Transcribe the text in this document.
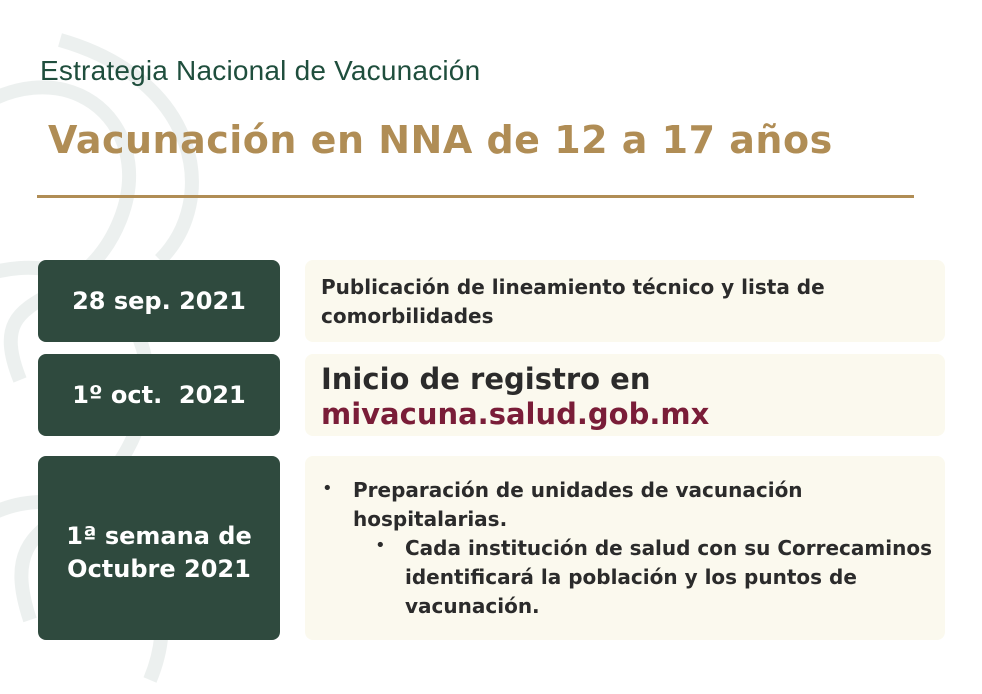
Estrategia Nacional de Vacunación
Vacunación en NNA de 12 a 17 años
28 sep. 2021	Publicación de lineamiento técnico y lista de comorbilidades
1º oct.  2021	Inicio de registro en
mivacuna.salud.gob.mx
1ª semana de
Octubre 2021
• Preparación de unidades de vacunación hospitalarias.
• Cada institución de salud con su Correcaminos identificará la población y los puntos de vacunación.
